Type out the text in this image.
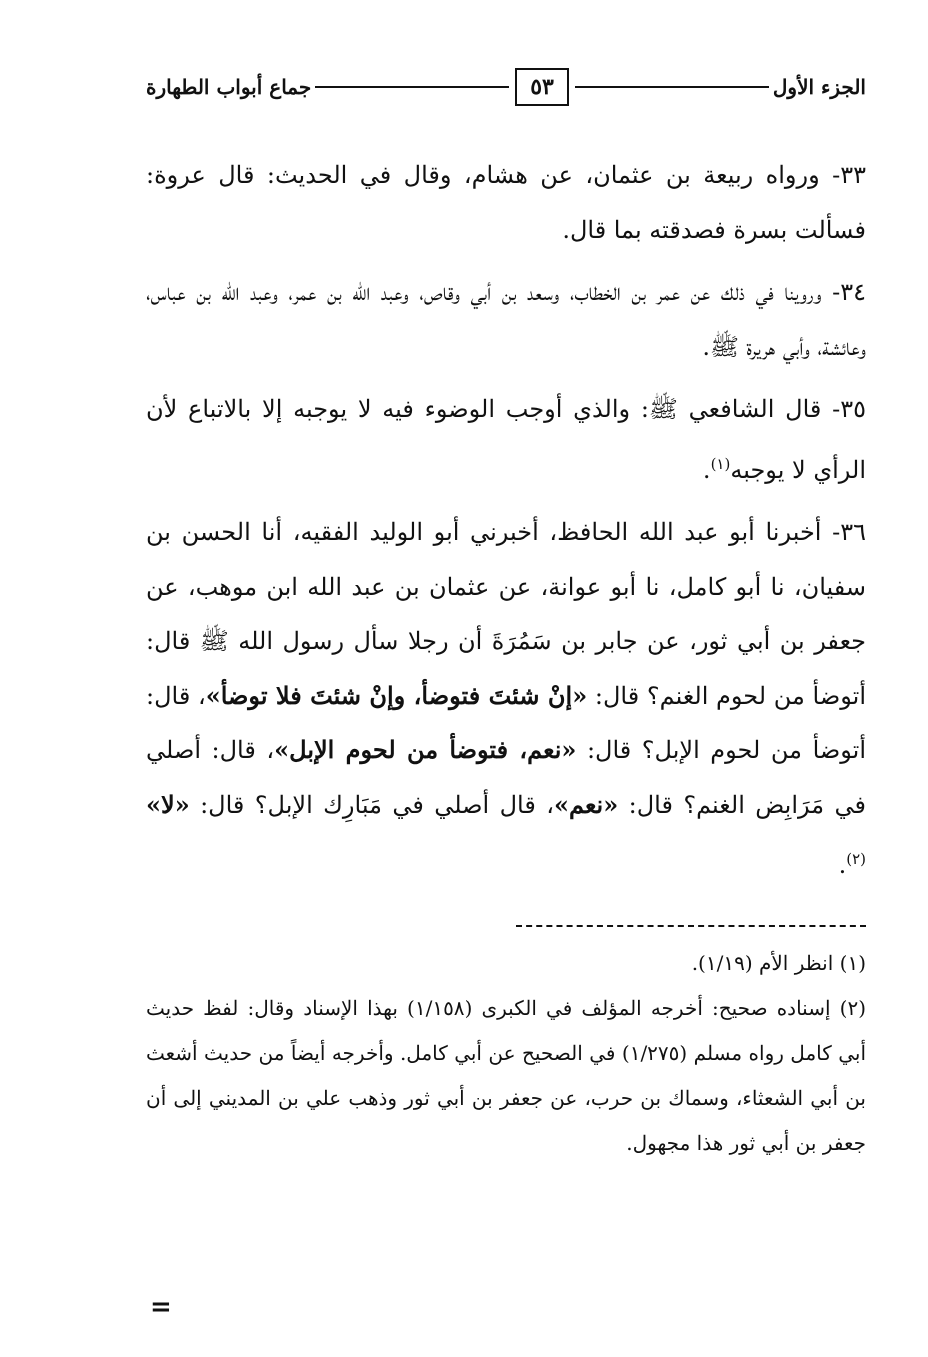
الجزء الأول
٥٣
جماع أبواب الطهارة

٣٣- ورواه ربيعة بن عثمان، عن هشام، وقال في الحديث: قال عروة: فسألت بسرة فصدقته بما قال.

٣٤- وروينا في ذلك عن عمر بن الخطاب، وسعد بن أبي وقاص، وعبد الله بن عمر، وعبد الله بن عباس، وعائشة، وأبي هريرة ﷺ.

٣٥- قال الشافعي ﷺ: والذي أوجب الوضوء فيه لا يوجبه إلا بالاتباع لأن الرأي لا يوجبه$^{(١)}$.

٣٦- أخبرنا أبو عبد الله الحافظ، أخبرني أبو الوليد الفقيه، أنا الحسن بن سفيان، نا أبو كامل، نا أبو عوانة، عن عثمان بن عبد الله ابن موهب، عن جعفر بن أبي ثور، عن جابر بن سَمُرَةَ أن رجلا سأل رسول الله ﷺ قال: أتوضأ من لحوم الغنم؟ قال: «إنْ شئتَ فتوضأ، وإنْ شئتَ فلا توضأ»، قال: أتوضأ من لحوم الإبل؟ قال: «نعم، فتوضأ من لحوم الإبل»، قال: أصلي في مَرَابِض الغنم؟ قال: «نعم»، قال أصلي في مَبَارِك الإبل؟ قال: «لا» $^{(٢)}$.

(١) انظر الأم (١/١٩).

(٢) إسناده صحيح: أخرجه المؤلف في الكبرى (١/١٥٨) بهذا الإسناد وقال: لفظ حديث أبي كامل رواه مسلم (١/٢٧٥) في الصحيح عن أبي كامل. وأخرجه أيضاً من حديث أشعث بن أبي الشعثاء، وسماك بن حرب، عن جعفر بن أبي ثور وذهب علي بن المديني إلى أن جعفر بن أبي ثور هذا مجهول.

=
